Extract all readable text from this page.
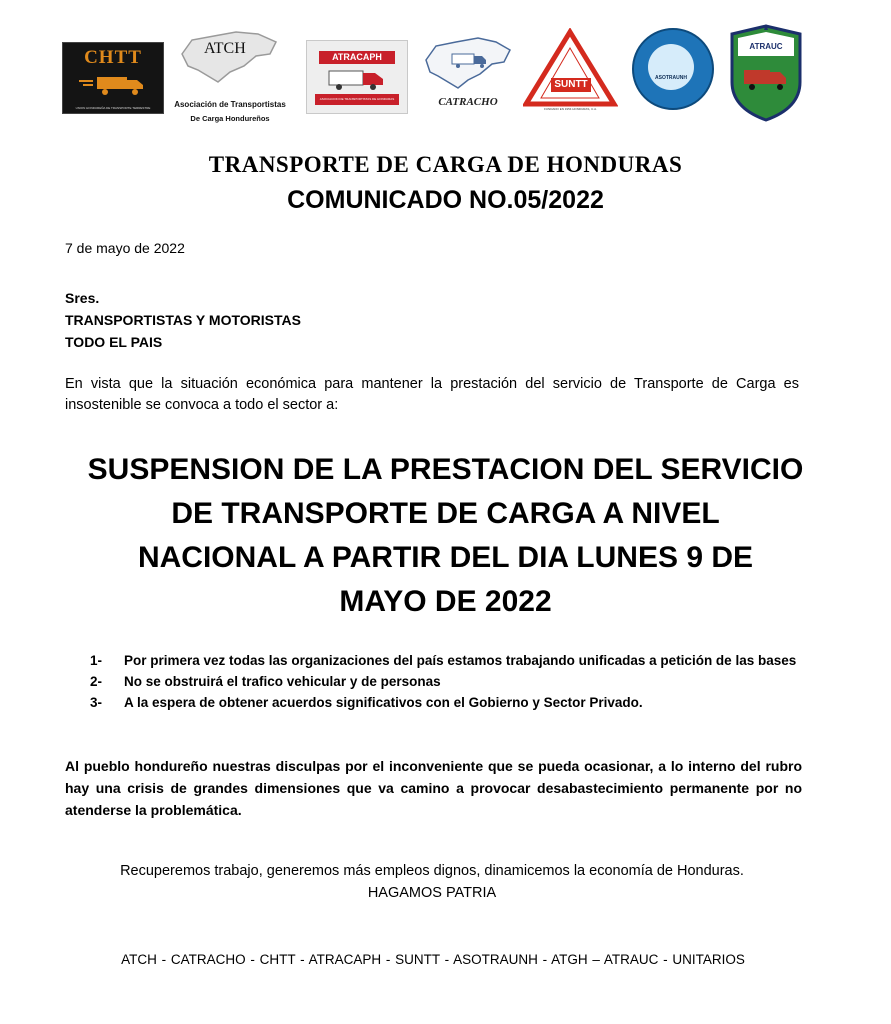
CHTT
UNION HONDUREÑA DE TRANSPORTE TERRESTRE
ATCH
Asociación de Transportistas
De Carga Hondureños
ATRACAPH
ASOCIACION DE TRANSPORTISTAS DE HONDURAS	CATRACHO
SUNTT
FUNDADO EN 1954 HONDURAS, C.A.
ASOTRAUNH
ATRAUC
TRANSPORTE DE CARGA DE HONDURAS
COMUNICADO NO.05/2022
7 de mayo de 2022
Sres.
TRANSPORTISTAS Y MOTORISTAS
TODO EL PAIS
En vista que la situación económica para mantener la prestación del servicio de Transporte de Carga es insostenible se convoca a todo el sector a:
SUSPENSION DE LA PRESTACION DEL SERVICIO
DE TRANSPORTE DE CARGA A NIVEL
NACIONAL A PARTIR DEL DIA LUNES 9 DE
MAYO DE 2022
1- Por primera vez todas las organizaciones del país estamos trabajando unificadas a petición de las bases
2- No se obstruirá el trafico vehicular y de personas
3- A la espera de obtener acuerdos significativos con el Gobierno y Sector Privado.
Al pueblo hondureño nuestras disculpas por el inconveniente que se pueda ocasionar, a lo interno del rubro hay una crisis de grandes dimensiones que va camino a provocar desabastecimiento permanente por no atenderse la problemática.
Recuperemos trabajo, generemos más empleos dignos, dinamicemos la economía de Honduras.
HAGAMOS PATRIA
ATCH - CATRACHO - CHTT - ATRACAPH - SUNTT - ASOTRAUNH - ATGH – ATRAUC - UNITARIOS
